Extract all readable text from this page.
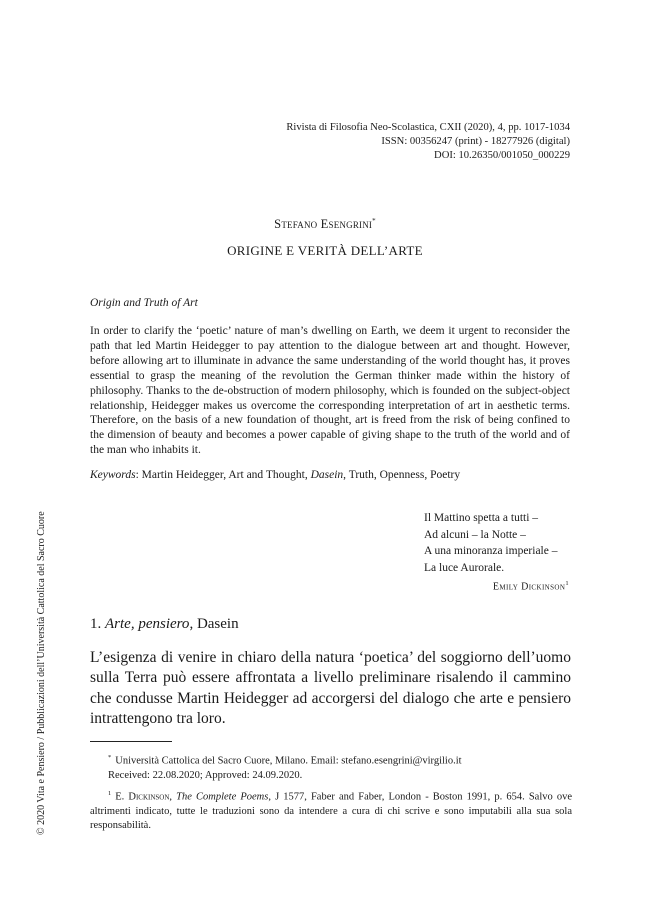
Rivista di Filosofia Neo-Scolastica, CXII (2020), 4, pp. 1017-1034
ISSN: 00356247 (print) - 18277926 (digital)
DOI: 10.26350/001050_000229
Stefano Esengrini*
ORIGINE E VERITÀ DELL’ARTE
Origin and Truth of Art

In order to clarify the ‘poetic’ nature of man’s dwelling on Earth, we deem it urgent to reconsider the path that led Martin Heidegger to pay attention to the dialogue between art and thought. However, before allowing art to illuminate in advance the same understanding of the world thought has, it proves essential to grasp the meaning of the revolution the German thinker made within the history of philosophy. Thanks to the de-obstruction of modern philosophy, which is founded on the subject-object relationship, Heidegger makes us overcome the corresponding interpretation of art in aesthetic terms. Therefore, on the basis of a new foundation of thought, art is freed from the risk of being confined to the dimension of beauty and becomes a power capable of giving shape to the truth of the world and of the man who inhabits it.

Keywords: Martin Heidegger, Art and Thought, Dasein, Truth, Openness, Poetry
Il Mattino spetta a tutti –
Ad alcuni – la Notte –
A una minoranza imperiale –
La luce Aurorale.
Emily Dickinson$^1$
1. Arte, pensiero, Dasein

L’esigenza di venire in chiaro della natura ‘poetica’ del soggiorno dell’uomo sulla Terra può essere affrontata a livello preliminare risalendo il cammino che condusse Martin Heidegger ad accorgersi del dialogo che arte e pensiero intrattengono tra loro.

* Università Cattolica del Sacro Cuore, Milano. Email: stefano.esengrini@virgilio.it
Received: 22.08.2020; Approved: 24.09.2020.

$^1$ E. Dickinson, The Complete Poems, J 1577, Faber and Faber, London - Boston 1991, p. 654. Salvo ove altrimenti indicato, tutte le traduzioni sono da intendere a cura di chi scrive e sono imputabili alla sua sola responsabilità.

© 2020 Vita e Pensiero / Pubblicazioni dell’Università Cattolica del Sacro Cuore
